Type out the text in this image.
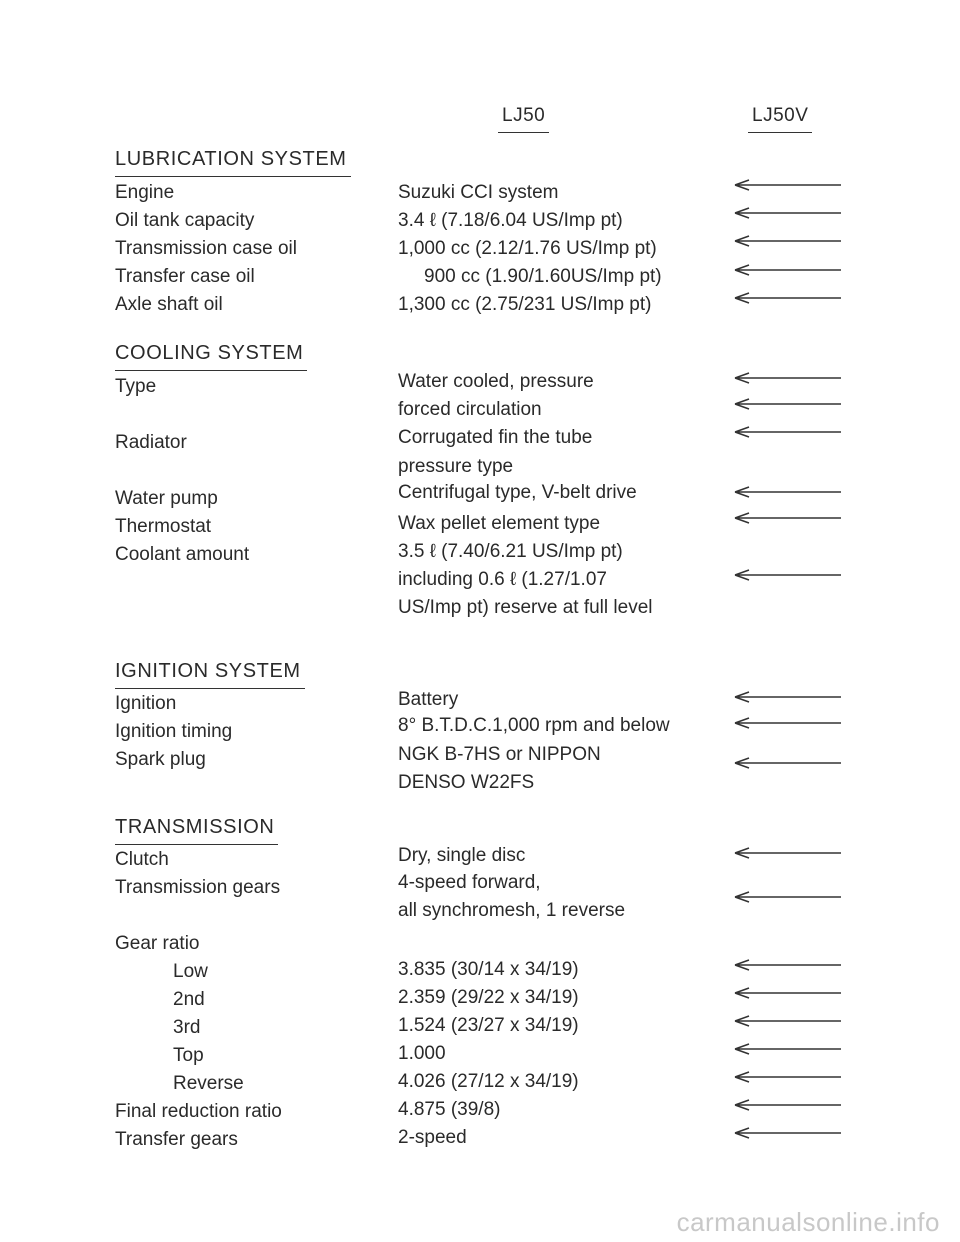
LJ50	LJ50V
LUBRICATION SYSTEM
Engine
Oil tank capacity
Transmission case oil
Transfer case oil
Axle shaft oil
Suzuki CCI system
3.4 ℓ (7.18/6.04 US/Imp pt)
1,000 cc (2.12/1.76 US/Imp pt)
900 cc (1.90/1.60US/Imp pt)
1,300 cc (2.75/231 US/Imp pt)
COOLING SYSTEM
Type
Radiator
Water pump
Thermostat
Coolant amount
Water cooled, pressure
forced circulation
Corrugated fin the tube
pressure type
Centrifugal type, V-belt drive
Wax pellet element type
3.5 ℓ (7.40/6.21 US/Imp pt)
including 0.6 ℓ (1.27/1.07
US/Imp pt) reserve at full level
IGNITION SYSTEM
Ignition
Ignition timing
Spark plug
Battery
8° B.T.D.C.1,000 rpm and below
NGK B-7HS or NIPPON
DENSO W22FS
TRANSMISSION
Clutch
Transmission gears
Gear ratio
Low
2nd
3rd
Top
Reverse
Final reduction ratio
Transfer gears
Dry, single disc
4-speed forward,
all synchromesh, 1 reverse
3.835 (30/14 x 34/19)
2.359 (29/22 x 34/19)
1.524 (23/27 x 34/19)
1.000
4.026 (27/12 x 34/19)
4.875 (39/8)
2-speed
carmanualsonline.info
